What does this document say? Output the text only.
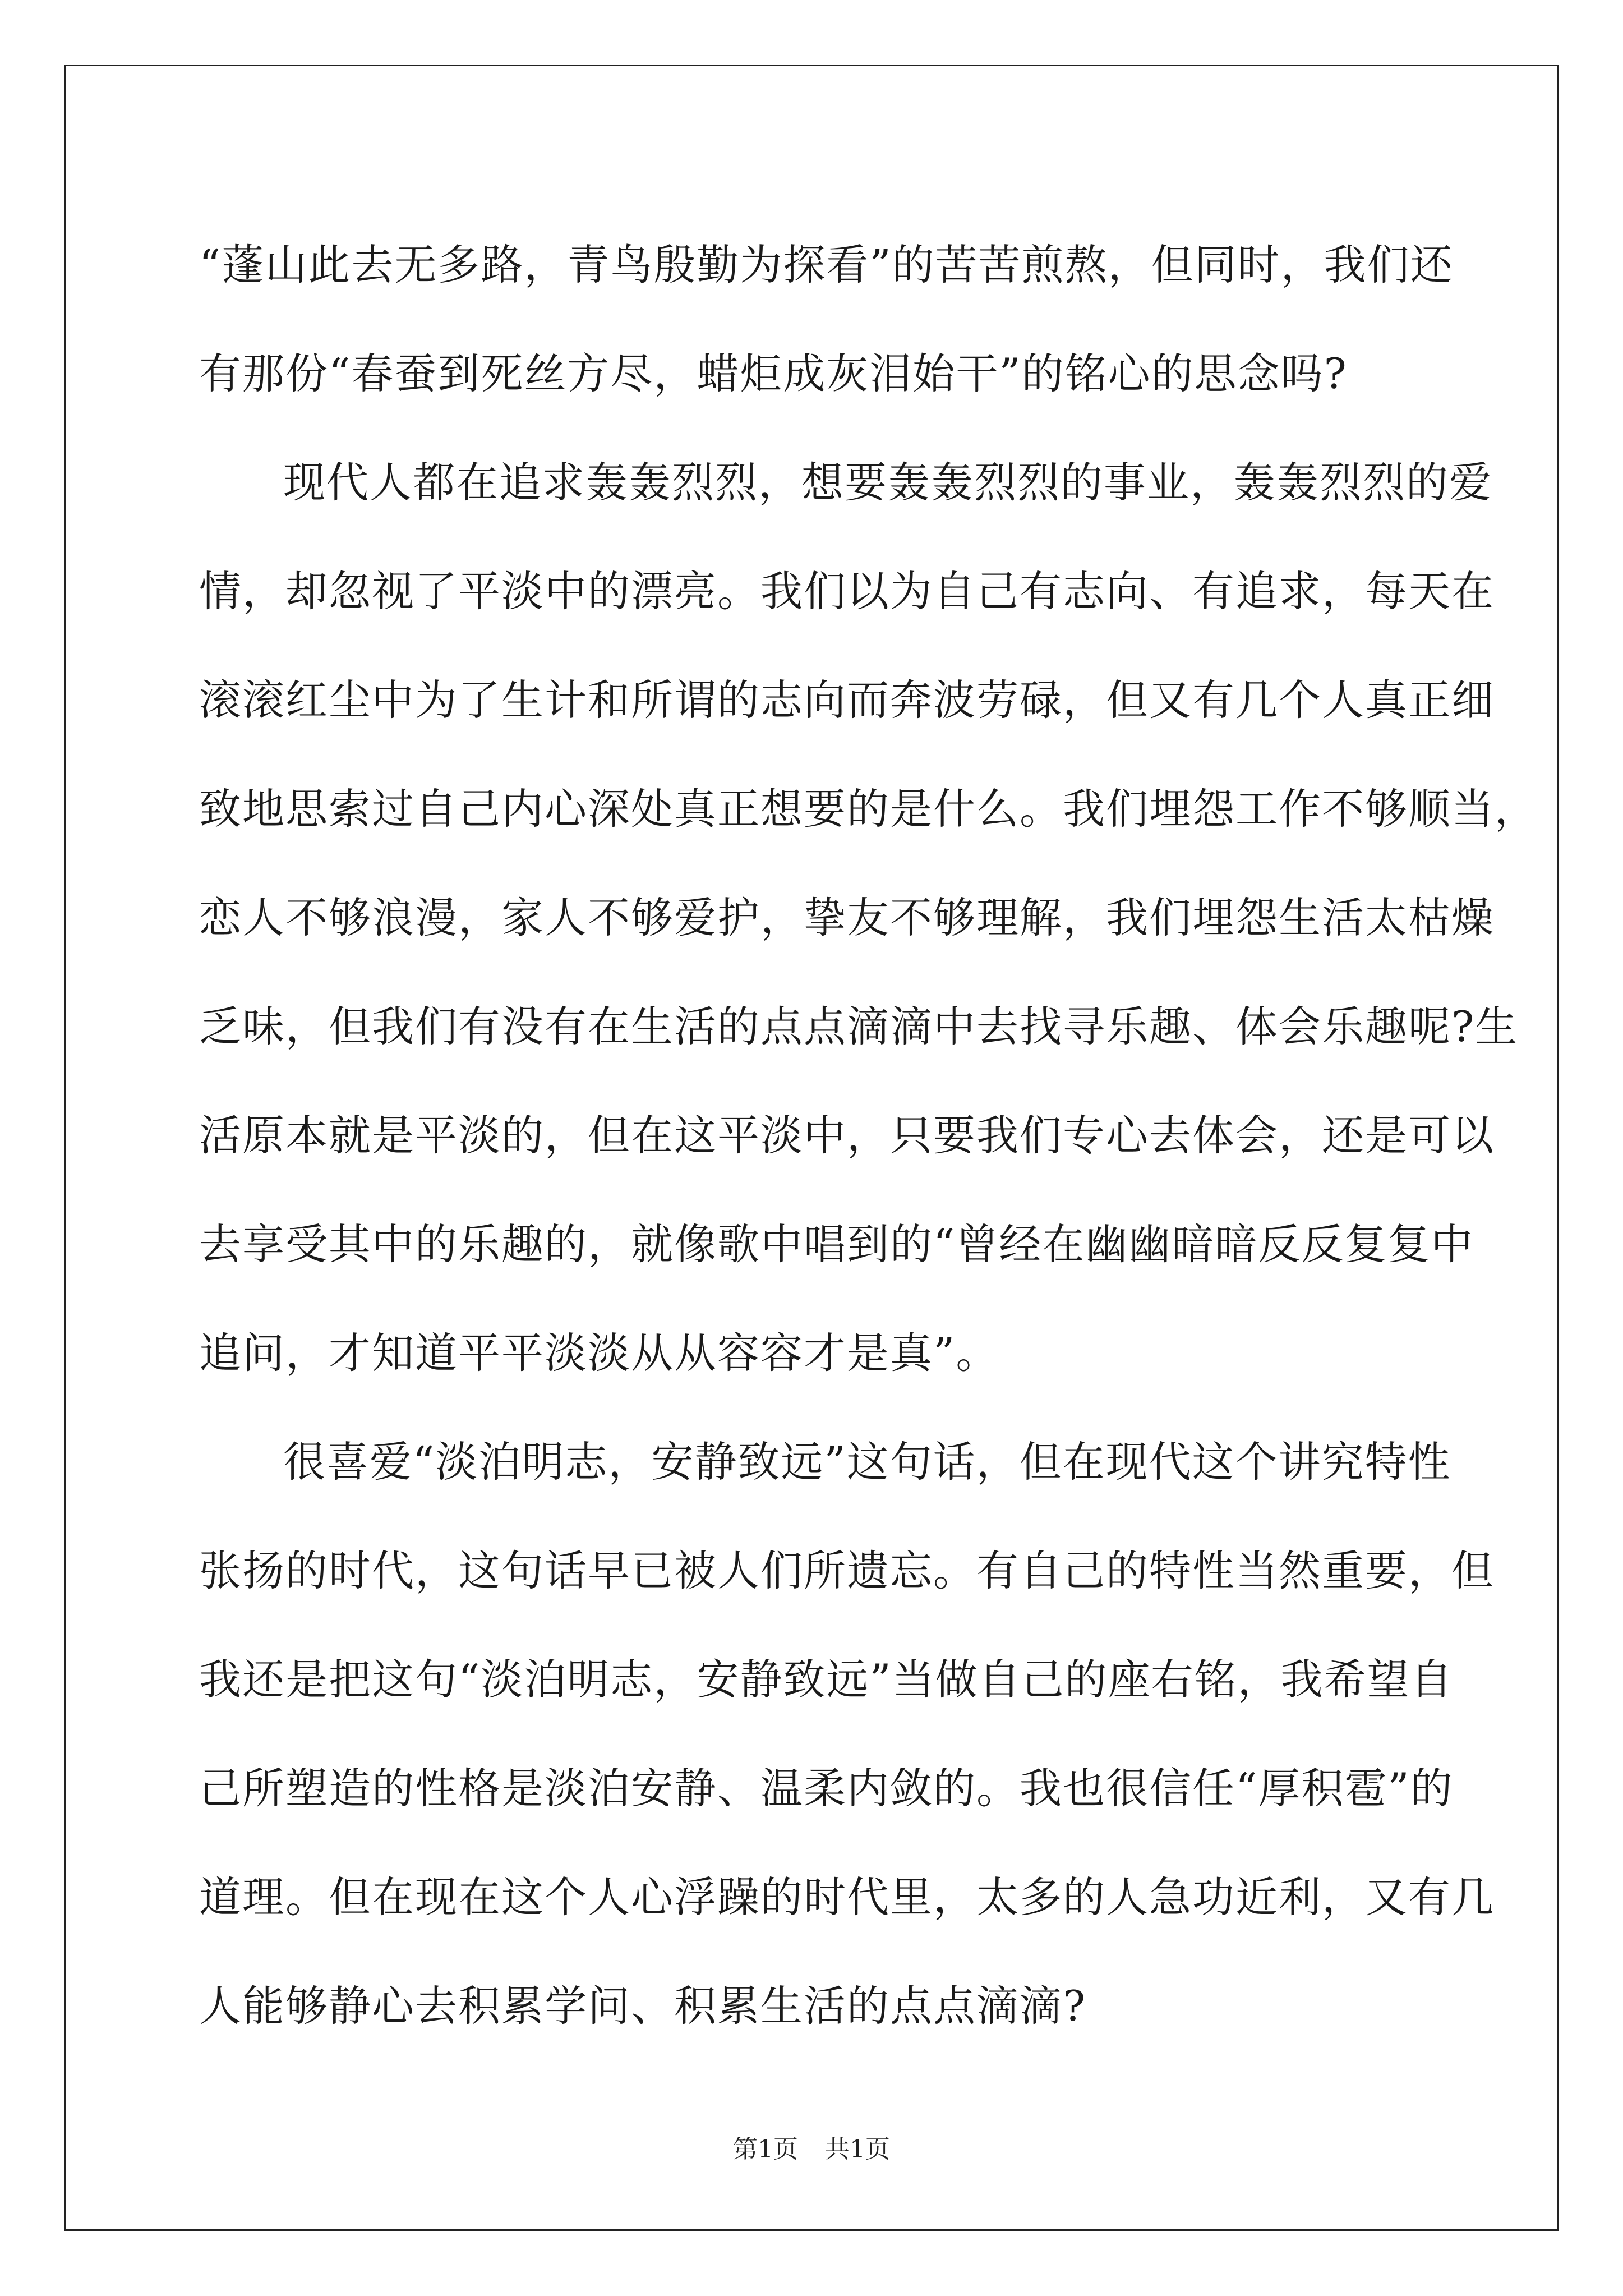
“蓬山此去无多路，青鸟殷勤为探看”的苦苦煎熬，但同时，我们还
有那份“春蚕到死丝方尽，蜡炬成灰泪始干”的铭心的思念吗?

现代人都在追求轰轰烈烈，想要轰轰烈烈的事业，轰轰烈烈的爱
情，却忽视了平淡中的漂亮。我们以为自己有志向、有追求，每天在
滚滚红尘中为了生计和所谓的志向而奔波劳碌，但又有几个人真正细
致地思索过自己内心深处真正想要的是什么。我们埋怨工作不够顺当，
恋人不够浪漫，家人不够爱护，挚友不够理解，我们埋怨生活太枯燥
乏味，但我们有没有在生活的点点滴滴中去找寻乐趣、体会乐趣呢?生
活原本就是平淡的，但在这平淡中，只要我们专心去体会，还是可以
去享受其中的乐趣的，就像歌中唱到的“曾经在幽幽暗暗反反复复中
追问，才知道平平淡淡从从容容才是真”。

很喜爱“淡泊明志，安静致远”这句话，但在现代这个讲究特性
张扬的时代，这句话早已被人们所遗忘。有自己的特性当然重要，但
我还是把这句“淡泊明志，安静致远”当做自己的座右铭，我希望自
己所塑造的性格是淡泊安静、温柔内敛的。我也很信任“厚积雹”的
道理。但在现在这个人心浮躁的时代里，太多的人急功近利，又有几
人能够静心去积累学问、积累生活的点点滴滴?

第1页 共1页
